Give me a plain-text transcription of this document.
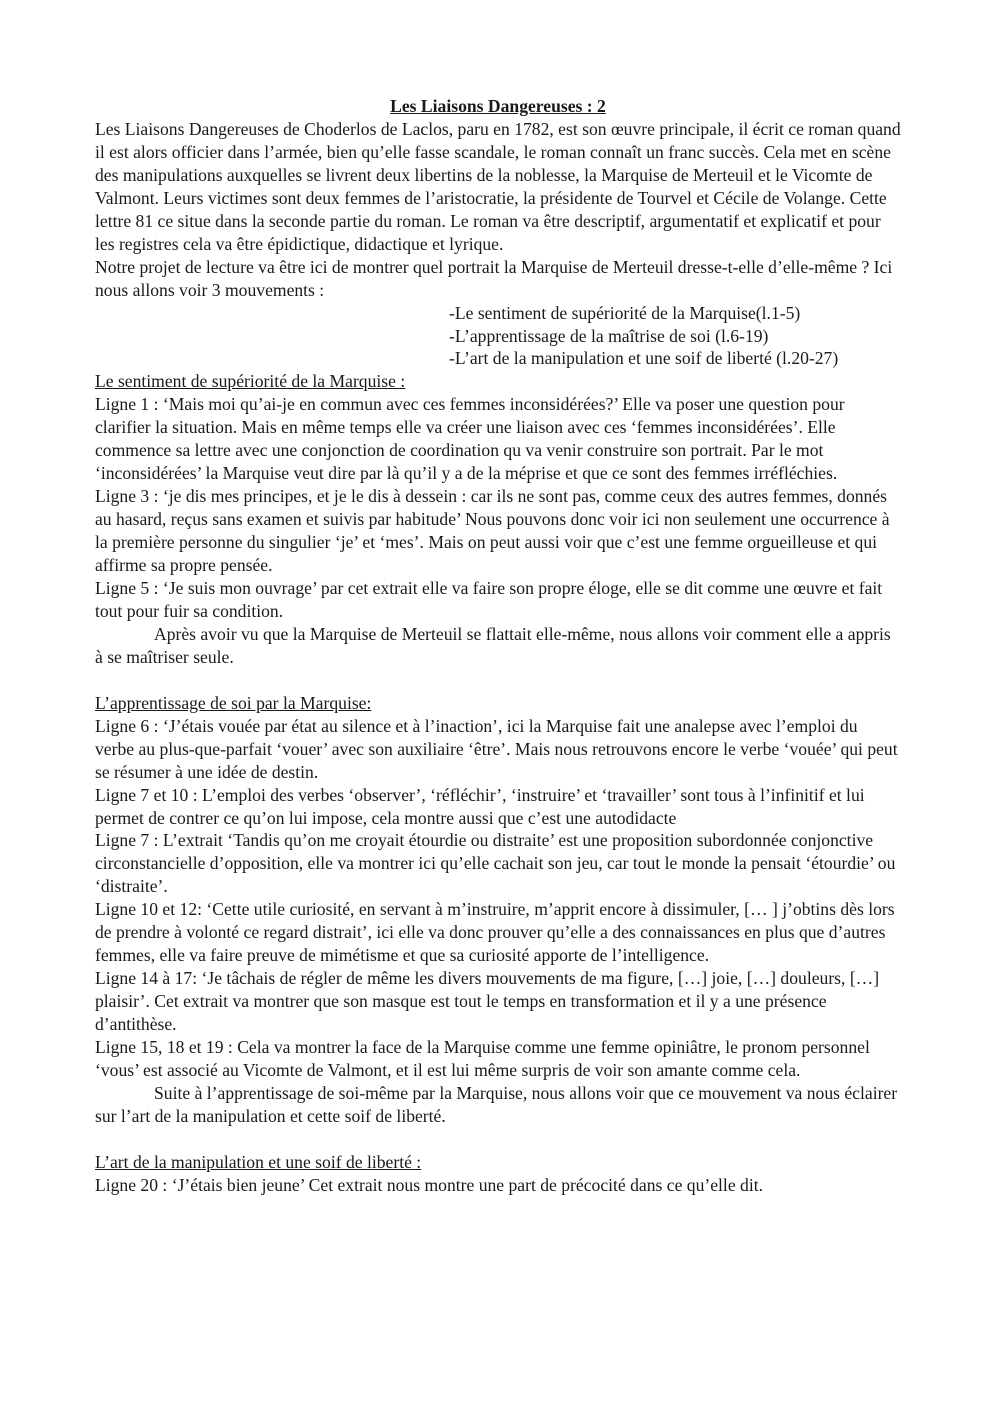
Les Liaisons Dangereuses : 2

Les Liaisons Dangereuses de Choderlos de Laclos, paru en 1782, est son œuvre principale, il écrit ce roman quand il est alors officier dans l’armée, bien qu’elle fasse scandale, le roman connaît un franc succès. Cela met en scène des manipulations auxquelles se livrent deux libertins de la noblesse, la Marquise de Merteuil et le Vicomte de Valmont. Leurs victimes sont deux femmes de l’aristocratie, la présidente de Tourvel et Cécile de Volange. Cette lettre 81 ce situe dans la seconde partie du roman. Le roman va être descriptif, argumentatif et explicatif et pour les registres cela va être épidictique, didactique et lyrique.

Notre projet de lecture va être ici de montrer quel portrait la Marquise de Merteuil dresse-t-elle d’elle-même ? Ici nous allons voir 3 mouvements :

-Le sentiment de supériorité de la Marquise(l.1-5)

-L’apprentissage de la maîtrise de soi (l.6-19)

-L’art de la manipulation et une soif de liberté (l.20-27)

Le sentiment de supériorité de la Marquise :

Ligne 1 : ‘Mais moi qu’ai-je en commun avec ces femmes inconsidérées?’ Elle va poser une question pour clarifier la situation. Mais en même temps elle va créer une liaison avec ces ‘femmes inconsidérées’. Elle commence sa lettre avec une conjonction de coordination qu va venir construire son portrait. Par le mot ‘inconsidérées’ la Marquise veut dire par là qu’il y a de la méprise et que ce sont des femmes irréfléchies.

Ligne 3 : ‘je dis mes principes, et je le dis à dessein : car ils ne sont pas, comme ceux des autres femmes, donnés au hasard, reçus sans examen et suivis par habitude’ Nous pouvons donc voir ici non seulement une occurrence à la première personne du singulier ‘je’ et ‘mes’. Mais on peut aussi voir que c’est une femme orgueilleuse et qui affirme sa propre pensée.

Ligne 5 : ‘Je suis mon ouvrage’ par cet extrait elle va faire son propre éloge, elle se dit comme une œuvre et fait tout pour fuir sa condition.

Après avoir vu que la Marquise de Merteuil se flattait elle-même, nous allons voir comment elle a appris à se maîtriser seule.

L’apprentissage de soi par la Marquise:

Ligne 6 : ‘J’étais vouée par état au silence et à l’inaction’, ici la Marquise fait une analepse avec l’emploi du verbe au plus-que-parfait ‘vouer’ avec son auxiliaire ‘être’. Mais nous retrouvons encore le verbe ‘vouée’ qui peut se résumer à une idée de destin.

Ligne 7 et 10 : L’emploi des verbes ‘observer’, ‘réfléchir’, ‘instruire’ et ‘travailler’ sont tous à l’infinitif et lui permet de contrer ce qu’on lui impose, cela montre aussi que c’est une autodidacte

Ligne 7 : L’extrait ‘Tandis qu’on me croyait étourdie ou distraite’ est une proposition subordonnée conjonctive circonstancielle d’opposition, elle va montrer ici qu’elle cachait son jeu, car tout le monde la pensait ‘étourdie’ ou ‘distraite’.

Ligne 10 et 12: ‘Cette utile curiosité, en servant à m’instruire, m’apprit encore à dissimuler, [… ] j’obtins dès lors de prendre à volonté ce regard distrait’, ici elle va donc prouver qu’elle a des connaissances en plus que d’autres femmes, elle va faire preuve de mimétisme et que sa curiosité apporte de l’intelligence.

Ligne 14 à 17: ‘Je tâchais de régler de même les divers mouvements de ma figure, […] joie, […] douleurs, […] plaisir’. Cet extrait va montrer que son masque est tout le temps en transformation et il y a une présence d’antithèse.

Ligne 15, 18 et 19 : Cela va montrer la face de la Marquise comme une femme opiniâtre, le pronom personnel ‘vous’ est associé au Vicomte de Valmont, et il est lui même surpris de voir son amante comme cela.

Suite à l’apprentissage de soi-même par la Marquise, nous allons voir que ce mouvement va nous éclairer sur l’art de la manipulation et cette soif de liberté.

L’art de la manipulation et une soif de liberté :

Ligne 20 : ‘J’étais bien jeune’ Cet extrait nous montre une part de précocité dans ce qu’elle dit.
